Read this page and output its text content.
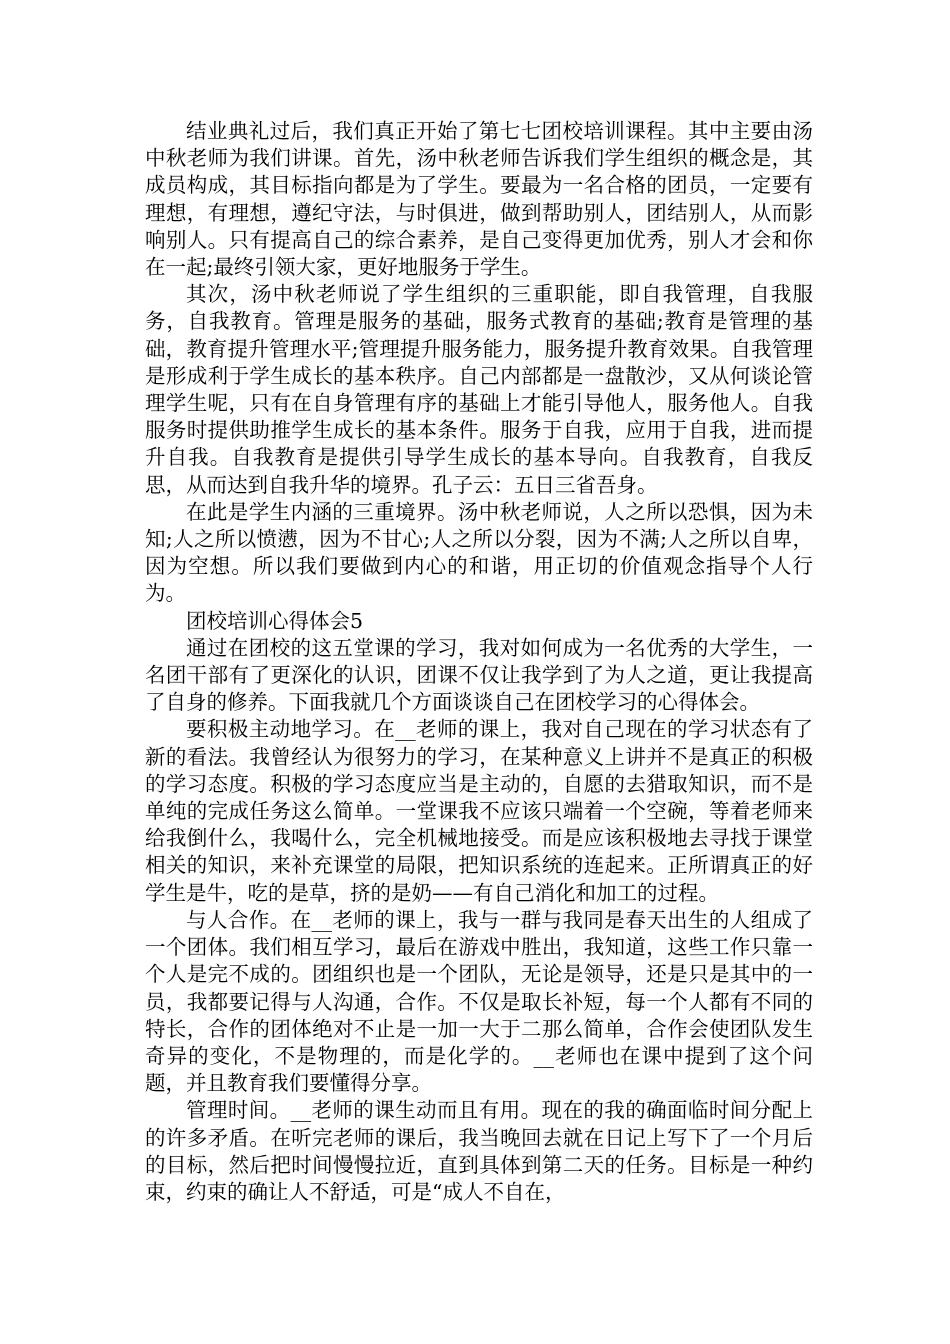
结业典礼过后，我们真正开始了第七七团校培训课程。其中主要由汤中秋老师为我们讲课。首先，汤中秋老师告诉我们学生组织的概念是，其成员构成，其目标指向都是为了学生。要最为一名合格的团员，一定要有理想，有理想，遵纪守法，与时俱进，做到帮助别人，团结别人，从而影响别人。只有提高自己的综合素养，是自己变得更加优秀，别人才会和你在一起;最终引领大家，更好地服务于学生。

其次，汤中秋老师说了学生组织的三重职能，即自我管理，自我服务，自我教育。管理是服务的基础，服务式教育的基础;教育是管理的基础，教育提升管理水平;管理提升服务能力，服务提升教育效果。自我管理是形成利于学生成长的基本秩序。自己内部都是一盘散沙，又从何谈论管理学生呢，只有在自身管理有序的基础上才能引导他人，服务他人。自我服务时提供助推学生成长的基本条件。服务于自我，应用于自我，进而提升自我。自我教育是提供引导学生成长的基本导向。自我教育，自我反思，从而达到自我升华的境界。孔子云：五日三省吾身。

在此是学生内涵的三重境界。汤中秋老师说，人之所以恐惧，因为未知;人之所以愤懑，因为不甘心;人之所以分裂，因为不满;人之所以自卑，因为空想。所以我们要做到内心的和谐，用正切的价值观念指导个人行为。

团校培训心得体会5

通过在团校的这五堂课的学习，我对如何成为一名优秀的大学生，一名团干部有了更深化的认识，团课不仅让我学到了为人之道，更让我提高了自身的修养。下面我就几个方面谈谈自己在团校学习的心得体会。

要积极主动地学习。在__老师的课上，我对自己现在的学习状态有了新的看法。我曾经认为很努力的学习，在某种意义上讲并不是真正的积极的学习态度。积极的学习态度应当是主动的，自愿的去猎取知识，而不是单纯的完成任务这么简单。一堂课我不应该只端着一个空碗，等着老师来给我倒什么，我喝什么，完全机械地接受。而是应该积极地去寻找于课堂相关的知识，来补充课堂的局限，把知识系统的连起来。正所谓真正的好学生是牛，吃的是草，挤的是奶——有自己消化和加工的过程。

与人合作。在__老师的课上，我与一群与我同是春天出生的人组成了一个团体。我们相互学习，最后在游戏中胜出，我知道，这些工作只靠一个人是完不成的。团组织也是一个团队，无论是领导，还是只是其中的一员，我都要记得与人沟通，合作。不仅是取长补短，每一个人都有不同的特长，合作的团体绝对不止是一加一大于二那么简单，合作会使团队发生奇异的变化，不是物理的，而是化学的。__老师也在课中提到了这个问题，并且教育我们要懂得分享。

管理时间。__老师的课生动而且有用。现在的我的确面临时间分配上的许多矛盾。在听完老师的课后，我当晚回去就在日记上写下了一个月后的目标，然后把时间慢慢拉近，直到具体到第二天的任务。目标是一种约束，约束的确让人不舒适，可是“成人不自在，
